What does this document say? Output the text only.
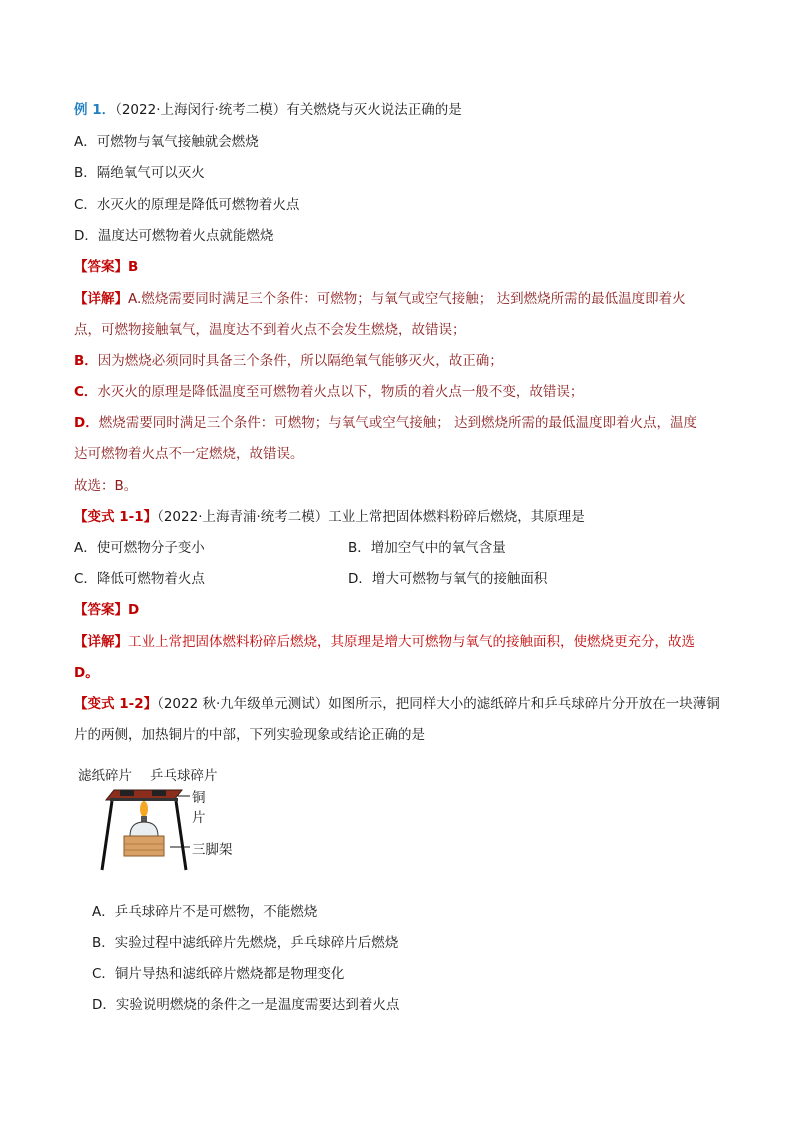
例 1．（2022·上海闵行·统考二模）有关燃烧与灭火说法正确的是
A．可燃物与氧气接触就会燃烧
B．隔绝氧气可以灭火
C．水灭火的原理是降低可燃物着火点
D．温度达可燃物着火点就能燃烧
【答案】B
【详解】A.燃烧需要同时满足三个条件：可燃物；与氧气或空气接触； 达到燃烧所需的最低温度即着火
点，可燃物接触氧气，温度达不到着火点不会发生燃烧，故错误；
B．因为燃烧必须同时具备三个条件，所以隔绝氧气能够灭火，故正确；
C．水灭火的原理是降低温度至可燃物着火点以下，物质的着火点一般不变，故错误；
D．燃烧需要同时满足三个条件：可燃物；与氧气或空气接触； 达到燃烧所需的最低温度即着火点，温度
达可燃物着火点不一定燃烧，故错误。
故选：B。
【变式 1-1】（2022·上海青浦·统考二模）工业上常把固体燃料粉碎后燃烧，其原理是
A．使可燃物分子变小	B．增加空气中的氧气含量
C．降低可燃物着火点	D．增大可燃物与氧气的接触面积
【答案】D
【详解】工业上常把固体燃料粉碎后燃烧，其原理是增大可燃物与氧气的接触面积，使燃烧更充分，故选
D。
【变式 1-2】（2022 秋·九年级单元测试）如图所示，把同样大小的滤纸碎片和乒乓球碎片分开放在一块薄铜
片的两侧，加热铜片的中部，下列实验现象或结论正确的是
滤纸碎片 乒乓球碎片
铜
片
三脚架
A．乒乓球碎片不是可燃物，不能燃烧
B．实验过程中滤纸碎片先燃烧，乒乓球碎片后燃烧
C．铜片导热和滤纸碎片燃烧都是物理变化
D．实验说明燃烧的条件之一是温度需要达到着火点
